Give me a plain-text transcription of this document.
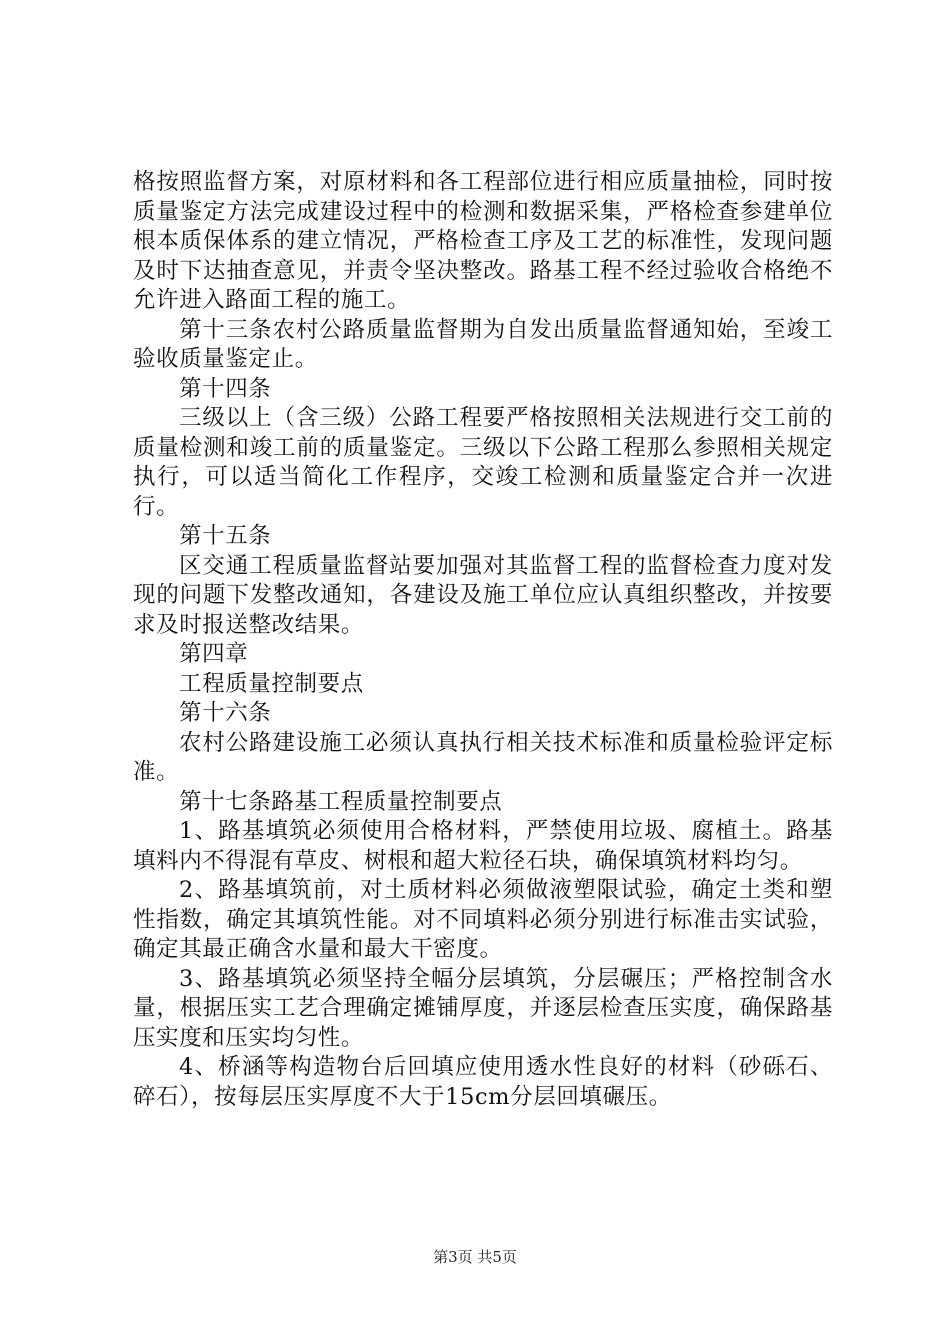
格按照监督方案，对原材料和各工程部位进行相应质量抽检，同时按质量鉴定方法完成建设过程中的检测和数据采集，严格检查参建单位根本质保体系的建立情况，严格检查工序及工艺的标准性，发现问题及时下达抽查意见，并责令坚决整改。路基工程不经过验收合格绝不允许进入路面工程的施工。

第十三条农村公路质量监督期为自发出质量监督通知始，至竣工验收质量鉴定止。

第十四条

三级以上（含三级）公路工程要严格按照相关法规进行交工前的质量检测和竣工前的质量鉴定。三级以下公路工程那么参照相关规定执行，可以适当简化工作程序，交竣工检测和质量鉴定合并一次进行。

第十五条

区交通工程质量监督站要加强对其监督工程的监督检查力度对发现的问题下发整改通知，各建设及施工单位应认真组织整改，并按要求及时报送整改结果。

第四章

工程质量控制要点

第十六条

农村公路建设施工必须认真执行相关技术标准和质量检验评定标准。

第十七条路基工程质量控制要点

1、路基填筑必须使用合格材料，严禁使用垃圾、腐植土。路基填料内不得混有草皮、树根和超大粒径石块，确保填筑材料均匀。

2、路基填筑前，对土质材料必须做液塑限试验，确定土类和塑性指数，确定其填筑性能。对不同填料必须分别进行标准击实试验，确定其最正确含水量和最大干密度。

3、路基填筑必须坚持全幅分层填筑，分层碾压；严格控制含水量，根据压实工艺合理确定摊铺厚度，并逐层检查压实度，确保路基压实度和压实均匀性。

4、桥涵等构造物台后回填应使用透水性良好的材料（砂砾石、碎石），按每层压实厚度不大于15cm分层回填碾压。

第3页 共5页
